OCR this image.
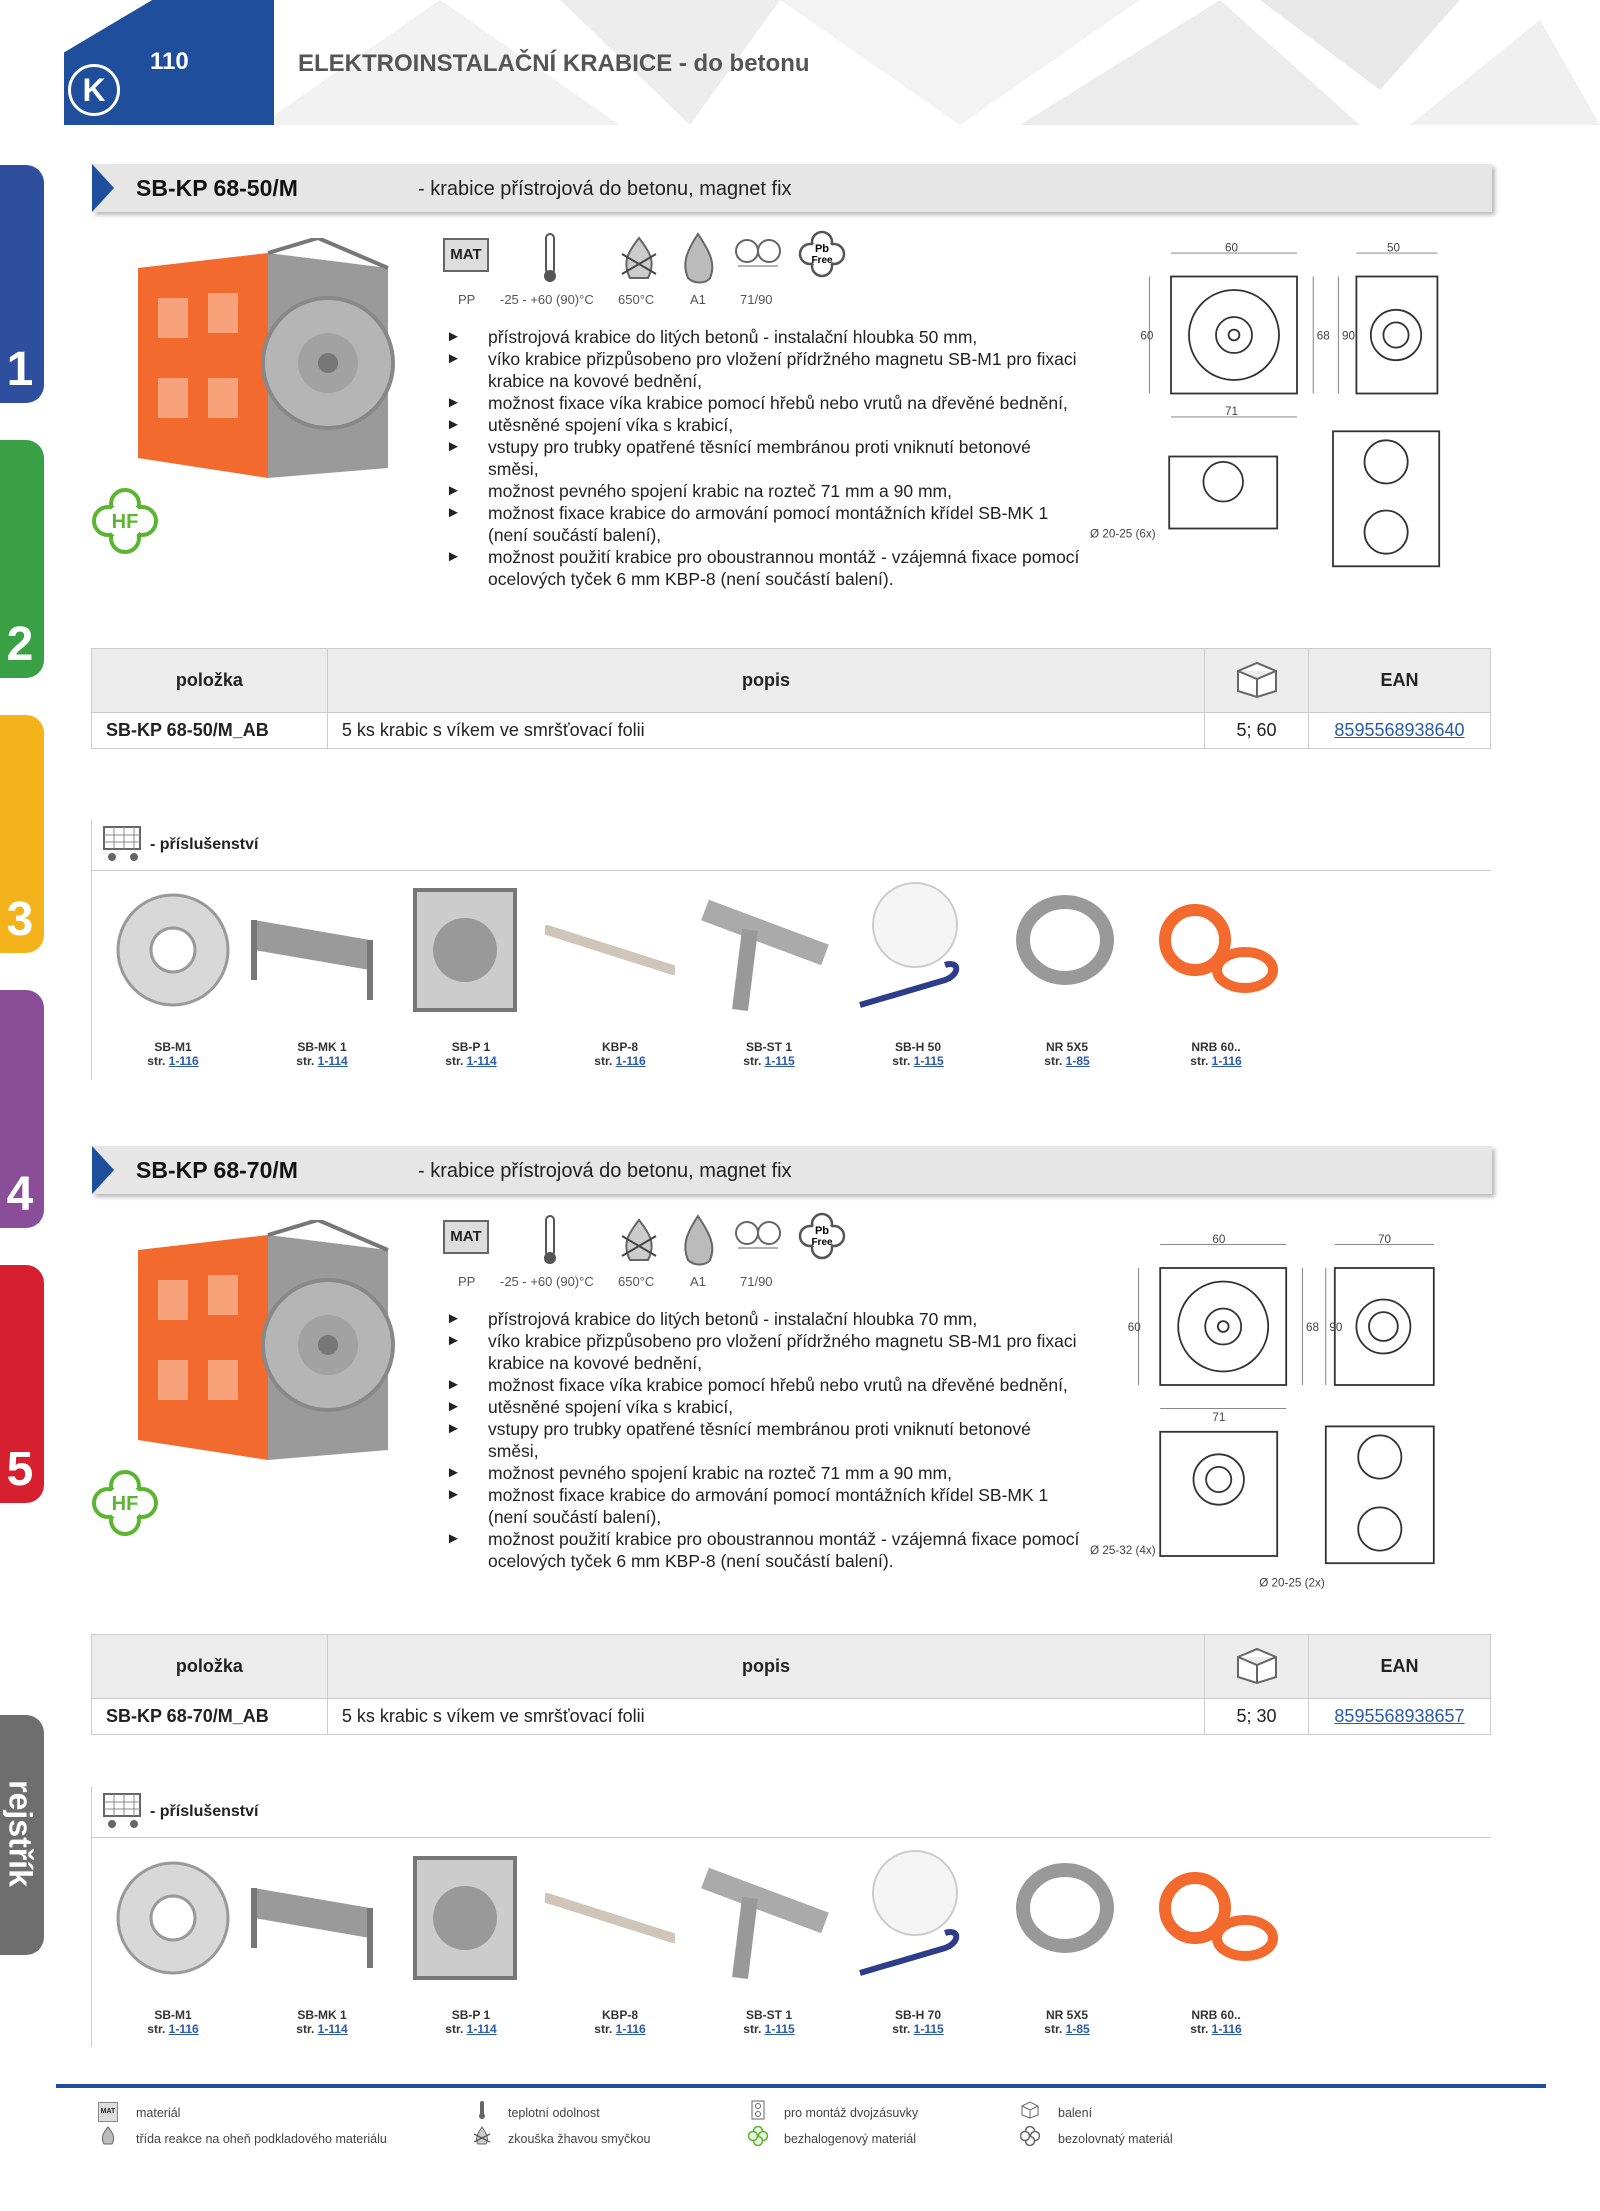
K
110	ELEKTROINSTALAČNÍ KRABICE - do betonu
1
2
3
4
5
rejstřík
SB-KP 68-50/M	- krabice přístrojová do betonu, magnet fix
HF
MAT	Pb
Free
PP -25 - +60 (90)°C 650°C	A1	71/90
► přístrojová krabice do litých betonů - instalační hloubka 50 mm,
► víko krabice přizpůsobeno pro vložení přídržného magnetu SB-M1 pro fixaci krabice na kovové bednění,
► možnost fixace víka krabice pomocí hřebů nebo vrutů na dřevěné bednění,
► utěsněné spojení víka s krabicí,
► vstupy pro trubky opatřené těsnící membránou proti vniknutí betonové směsi,
► možnost pevného spojení krabic na rozteč 71 mm a 90 mm,
► možnost fixace krabice do armování pomocí montážních křídel SB-MK 1 (není součástí balení),
► možnost použití krabice pro oboustrannou montáž - vzájemná fixace pomocí ocelových tyček 6 mm KBP-8 (není součástí balení).
60	50
60	68 90
71
Ø 20-25 (6x)
položka	popis		EAN
SB-KP 68-50/M_AB	5 ks krabic s víkem ve smršťovací folii	5; 60	8595568938640
- příslušenství
SB-M1
str. 1-116
SB-MK 1
str. 1-114
SB-P 1
str. 1-114
KBP-8
str. 1-116
SB-ST 1
str. 1-115
SB-H 50
str. 1-115
NR 5X5
str. 1-85
NRB 60..
str. 1-116
SB-KP 68-70/M	- krabice přístrojová do betonu, magnet fix
HF
MAT	Pb
Free
PP -25 - +60 (90)°C 650°C	A1	71/90
► přístrojová krabice do litých betonů - instalační hloubka 70 mm,
► víko krabice přizpůsobeno pro vložení přídržného magnetu SB-M1 pro fixaci krabice na kovové bednění,
► možnost fixace víka krabice pomocí hřebů nebo vrutů na dřevěné bednění,
► utěsněné spojení víka s krabicí,
► vstupy pro trubky opatřené těsnící membránou proti vniknutí betonové směsi,
► možnost pevného spojení krabic na rozteč 71 mm a 90 mm,
► možnost fixace krabice do armování pomocí montážních křídel SB-MK 1 (není součástí balení),
► možnost použití krabice pro oboustrannou montáž - vzájemná fixace pomocí ocelových tyček 6 mm KBP-8 (není součástí balení).
60	70
60	68 90
71
Ø 25-32 (4x)
Ø 20-25 (2x)
položka	popis		EAN
SB-KP 68-70/M_AB	5 ks krabic s víkem ve smršťovací folii	5; 30	8595568938657
- příslušenství
SB-M1
str. 1-116
SB-MK 1
str. 1-114
SB-P 1
str. 1-114
KBP-8
str. 1-116
SB-ST 1
str. 1-115
SB-H 70
str. 1-115
NR 5X5
str. 1-85
NRB 60..
str. 1-116
MAT materiál	teplotní odolnost	pro montáž dvojzásuvky	balení
třída reakce na oheň podkladového materiálu	zkouška žhavou smyčkou	bezhalogenový materiál	bezolovnatý materiál
